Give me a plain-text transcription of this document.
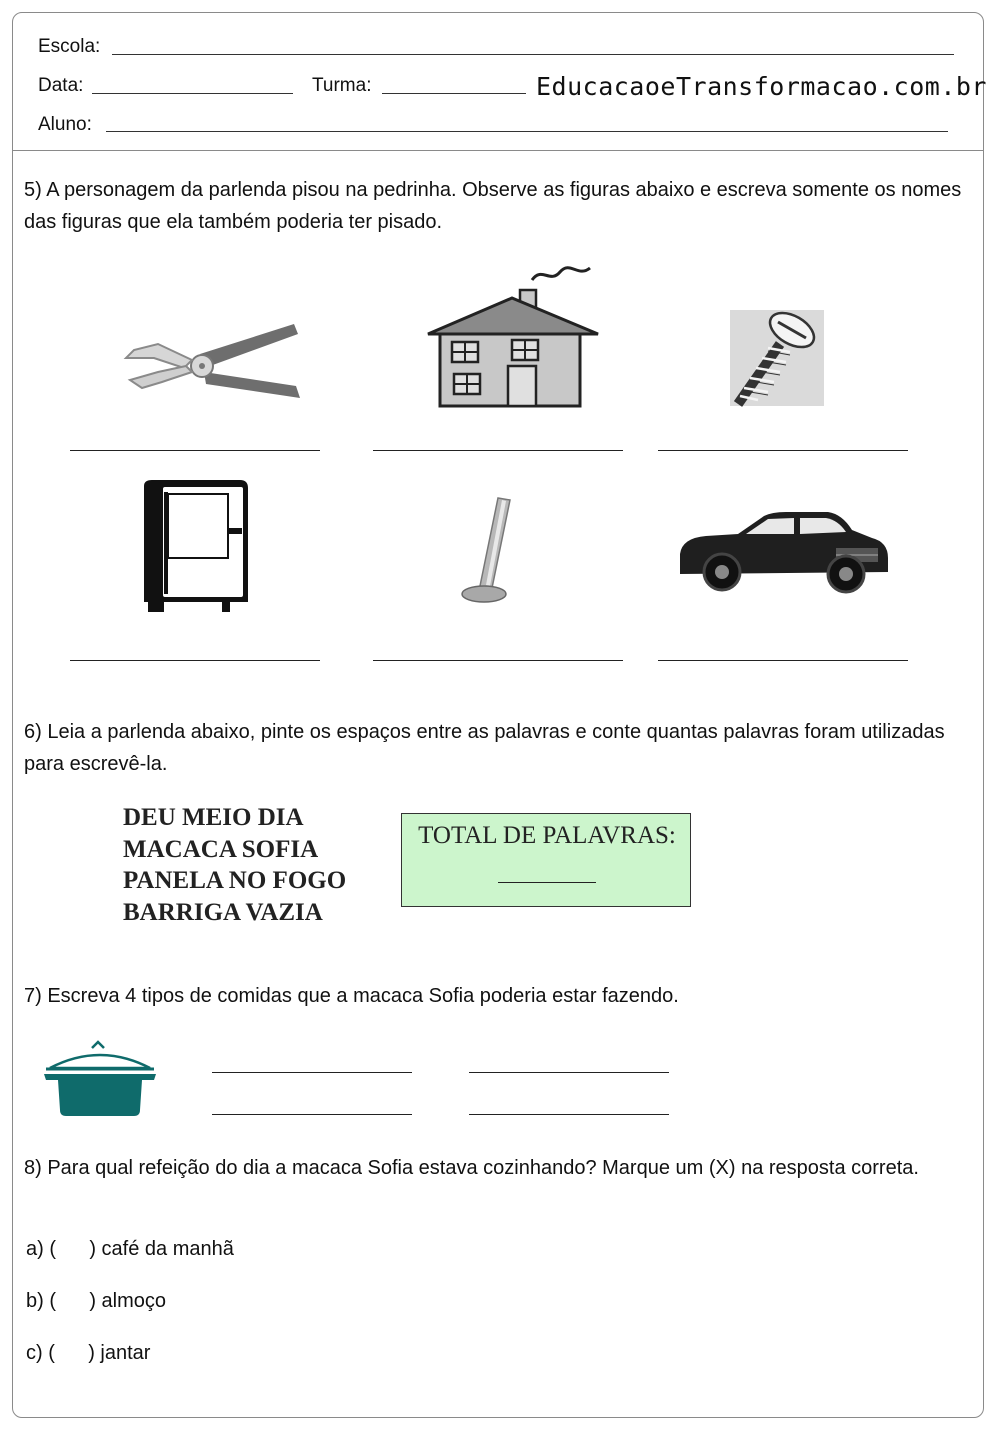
Escola:
Data:	Turma:	EducacaoeTransformacao.com.br
Aluno:
5) A personagem da parlenda pisou na pedrinha. Observe as figuras abaixo e escreva somente os nomes das figuras que ela também poderia ter pisado.
6) Leia a parlenda abaixo, pinte os espaços entre as palavras e conte quantas palavras foram utilizadas para escrevê-la.
DEU MEIO DIA
MACACA SOFIA
PANELA NO FOGO
BARRIGA VAZIA
TOTAL DE PALAVRAS:
7) Escreva 4 tipos de comidas que a macaca Sofia poderia estar fazendo.
8) Para qual refeição do dia a macaca Sofia estava cozinhando? Marque um (X) na resposta correta.
a) (      ) café da manhã
b) (      ) almoço
c) (      ) jantar
